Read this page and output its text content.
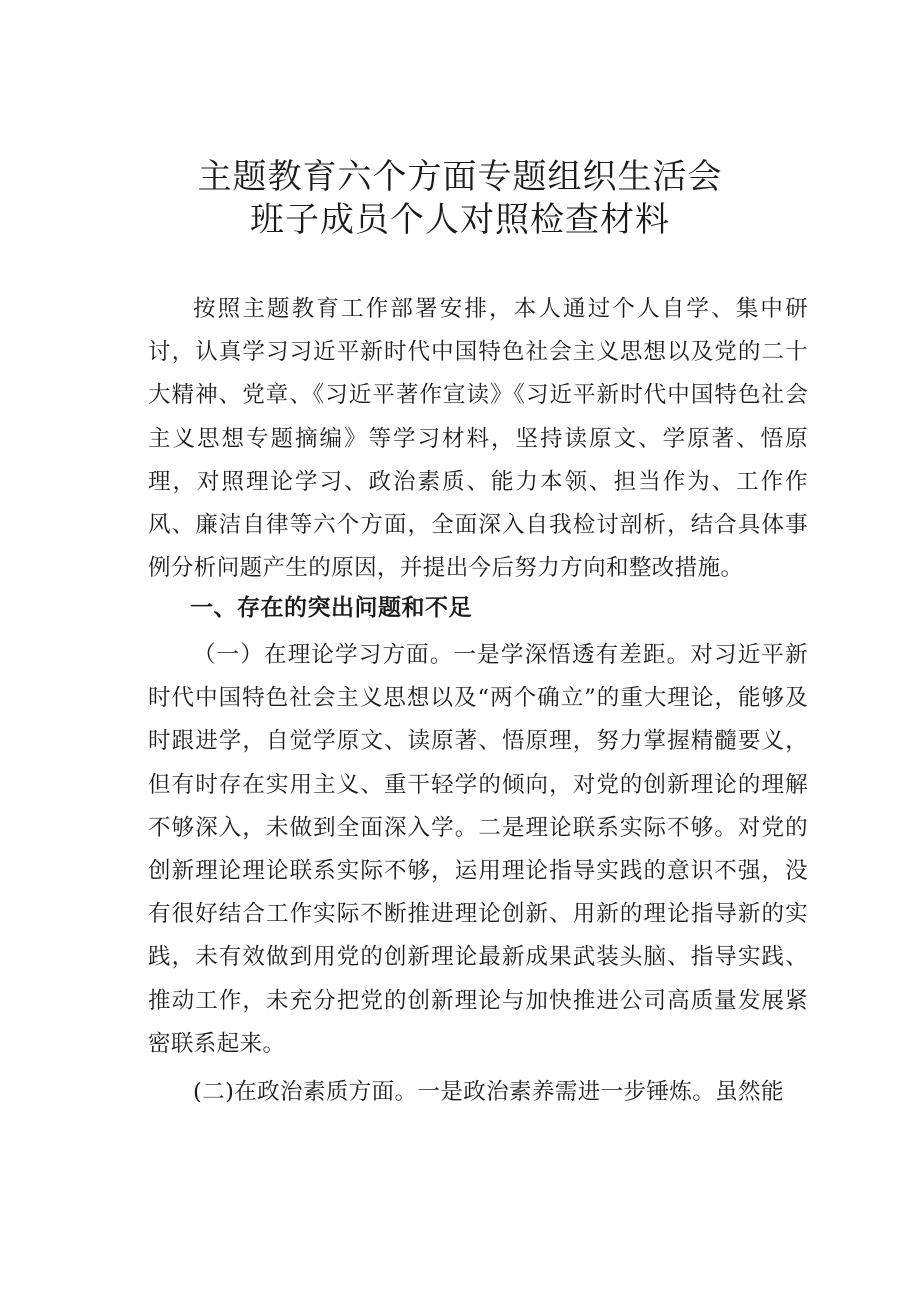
主题教育六个方面专题组织生活会
班子成员个人对照检查材料

按照主题教育工作部署安排，本人通过个人自学、集中研讨，认真学习习近平新时代中国特色社会主义思想以及党的二十大精神、党章、《习近平著作宣读》《习近平新时代中国特色社会主义思想专题摘编》等学习材料，坚持读原文、学原著、悟原理，对照理论学习、政治素质、能力本领、担当作为、工作作风、廉洁自律等六个方面，全面深入自我检讨剖析，结合具体事例分析问题产生的原因，并提出今后努力方向和整改措施。

一、存在的突出问题和不足

（一）在理论学习方面。一是学深悟透有差距。对习近平新时代中国特色社会主义思想以及“两个确立”的重大理论，能够及时跟进学，自觉学原文、读原著、悟原理，努力掌握精髓要义，但有时存在实用主义、重干轻学的倾向，对党的创新理论的理解不够深入，未做到全面深入学。二是理论联系实际不够。对党的创新理论理论联系实际不够，运用理论指导实践的意识不强，没有很好结合工作实际不断推进理论创新、用新的理论指导新的实践，未有效做到用党的创新理论最新成果武装头脑、指导实践、推动工作，未充分把党的创新理论与加快推进公司高质量发展紧密联系起来。

(二)在政治素质方面。一是政治素养需进一步锤炼。虽然能
